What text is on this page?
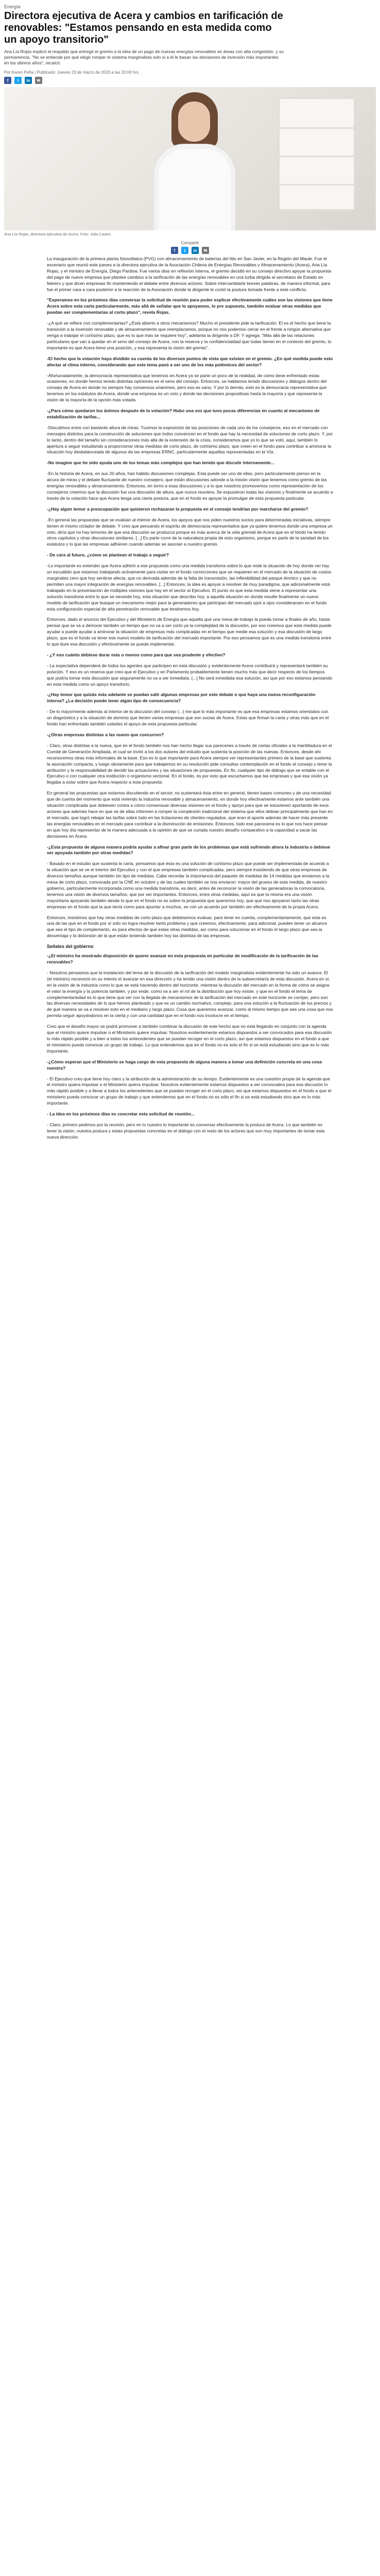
Energía
Directora ejecutiva de Acera y cambios en tarificación de renovables: "Estamos pensando en esta medida como un apoyo transitorio"
Ana Lía Rojas explicó el respaldo que entregó el gremio a la idea de un pago de nuevas energías renovables en áreas con alta congestión, y su permanencia. "No se entiende por qué elegir romper el sistema marginalista solo si a él le basan las decisiones de inversión más importantes en los últimos años", recalcó.
Por Karen Peña | Publicado: Jueves 23 de marzo de 2023 a las 20:00 hrs.
f	t	in	✉
Ana Lía Rojas, directora ejecutiva de Acera. Foto: Julia Castro.
Compartir
f	t	in	✉

La inauguración de la primera planta fotovoltaica (PVG) con almacenamiento de baterías del litio en San Javier, en la Región del Maule. Fue el escenario que reunió este jueves a la directora ejecutiva de la Asociación Chilena de Energías Renovables y Almacenamiento (Acera), Ana Lía Rojas, y el ministro de Energía, Diego Pardow. Fue varios días en reflexión interna, el gremio decidió en su consejo directivo apoyar la propuesta del pago de nuevo empresa que plantee cambios a la tarificación de las energías renovables en una turba dirigida al secretario de Estado en febrero y que dicen empresas fin manteniendo el debate entre diversos actores. Sobre intercambiarle breves palabras, de manera informal, para fue el primer cara a cara posterior a la reacción de la Asociación donde la dirigente le contó la postura tomada frente a este conflicto.

"Esperamos en los próximos días conversar la solicitud de reunión para poder explicar efectivamente cuáles son las visiones que tiene Acera sobre esta carta particularmente, más allá de señalar que lo apoyamos, lo pre supuesto, también evaluar otras medidas que puedan ser complementarias al corto plazo", revela Rojas.

-¿A qué se refiere con complementarias? ¿Está abierto a otros mecanismos? Mucho el presidente pide la tarificación. El es el hecho que tiene la transición a la inversión renovable y de almacenamiento que reemplazamos, porque no nos podemos cerrar en el frente a ningún alternativa que venga a trabajar el cortísimo plazo, que es lo que más se requiere hoy", adelanta la dirigente a DF. Y agrega: "Más allá de las relaciones particulares que van a quedar en el seno del consejo de Acera, con la reserva y la confidencialidad que todas tienen en el contexto del gremio, lo importante es que Acera tiene una posición, y esa representa la visión del gremio".

-El hecho que la votación haya dividido su cuenta de los diversos puntos de vista que existen en el gremio. ¿En qué medida puede esto afectar al clima interno, considerando que este tema pasó a ser uno de los más polémicos del sector?

-Afortunadamente, la democracia representativa que tenemos en Acera ya se parte un poco de la realidad, de cómo tiene enfrentado estas ocasiones, en donde hemos tenido distintas opiniones en el seno del consejo. Entonces, se hablamos tenido discusiones y diálogos dentro del consejo de Acera en donde no siempre hay consensos unánimes, pero eso es sano. Y por lo demás, esto es la democracia representativa que tenemos en los estatutos de Acera, donde una empresa es un voto y donde las decisiones propositivas hasta la mayoría y que representa la visión de la mayoría de la opción más votada.

-¿Para cómo quedaron los ánimos después de la votación? Hubo una voz que tuvo pocas diferencias en cuanto al mecanismo de estabilización de tarifas...

-Discutimos entre con bastante altura de miras. Tuvimos la exposición de las posiciones de cada uno de los consejeros, eso en el mercado con mensajes distintos para la construcción de soluciones que todos convencen en el fondo que hay la necesidad de soluciones de corto plazo. Y, por lo tanto, dentro del tamaño sin consideraciones más allá de la extensión de la crisis, consideramos que yo lo que se votó, aquí, también lo apertura a seguir estudiando a proporcionar otras medidas de corto plazo, de cortísimo plazo, que creen en el fondo para contribuir a aminorar la situación hoy desbalanceada de algunos de las empresas ERNC, particularmente aquellas representadas en la Vía.

-No imagine que he sido ayuda uno de los temas más complejos que han tenido que discutir internamente...

-En la historia de Acera, en sus 20 años, han habido discusiones complejas. Esta puede ser uno de ellas, pero particularmente pienso en la alcura de miras y el debate fluctuante de nuestro consejero, que están discusiones adonde a la misión visión que tenemos como gremio de las energías renovables y almacenamiento. Entonces, en torno a esas discusiones y a lo que nosotros promovemos como representación de los consejeros creemos que la discusión fue una discusión de altura, que nunca reuniera. Se expusieron todas las visiones y finalmente se acuerdo a través de la votación hace que Acera tenga una cierta postura, que en el fondo es apoyar la promulgar de esta propuesta particular.

-¿Hay algún temor a preocupación que quisieron rechazaran la propuesta en el consejo tendrían por marcharse del gremio?

-En general las propuestas que se evalúan al interior de Acera, los apoyos que nos piden nuestros socios para determinadas iniciativas, siempre tienen el mismo ciclador de debate. Y creo que pensando el espíritu de democracia representativa que ya quiere tenemos donde una empresa un voto, diría que no hay temores de que esa discusión se produzca porque es más acerca de la vida gremial de Acera que en el fondo ha tenido otros capítulos y otras discusiones similares. [...] Es parte corre de la naturaleza propia de esto organismo, porque es parte de la sanidad de los estatutos y lo que las empresas adhieren cuando además se asocian a nuestro gremio.

- De cara al futuro, ¿cómo se plantean el trabajo a seguir?

-Lo importante es entender que Acera adhirió a ese propuesta como una medida transitoria sobre lo que mide la situación de hoy donde ver hay un escuálido que estamos trabajando activamente para visitar en el fondo correcciones que se requieren en el mercado de la situación de costos marginales cero que hoy sentirse afecta, que no derivada además de la falta de transmisión, las inflexibilidad del parque térmico y que no permiten una mayor integración de energías renovables. [...] Entonces, la idea es apoyar a resolver de muy paradigma, que adicionalmente está trabajado en la presentación de múltiples visiones que hay en el sector al Ejecutivo. El punto es que esta medida viene a representar una solución transitoria entre lo que se necesite hoy, esta situación que describo hoy, a aquella situación en donde resulte finalmente un nuevo modelo de tarificación que busque un mecanismo mejor para la generadores que participan del mercado spot a ojos considerarsen en el fondo esta configuración especial de alta penetración renovable que tendremos hoy.

Entonces, dado el anuncio del Ejecutivo y del Ministerio de Energía que aquella que una mesa de trabajo la pueda tomar a finales de año, hasta pensar que se va a demorar también un tiempo que no va a ser corto ya la complejidad de la discusión, por eso creemos que esta medida puede ayudar a puede ayudar a aminorar la situación de empresas más complicadas en el tiempo que medie esa solución y esa discusión de largo plazo, que es el fondo va tener ese nuevo modelo de tarificación del mercado importante. Por eso pensamos que es una medida transitoria entre lo que dure esa discusión y efectivamente se pueda implementar.

- ¿Y eso cuánto debiese durar más o menos como para que sea prudente y efectivo?

- La expectativa dependerá de todos los agentes que participen en esta discusión y evidentemente Acera contribuirá y representará también su posición. Y eso es un reserva que creo que el Ejecutivo y en Parlamento probablemente tienen mucho más que decir respecto de los tiempos que podría tomar esta discusión que seguramente no va a ser inmediata. [...] No será inmediata esa solución, así que por eso estamos pensando en esta medida como un apoyo transitorio.

-¿Hay temor que quizás más adelante se puedan salir algunas empresas por este debate o que haya una nueva reconfiguración interna? ¿La decisión puede tener algún tipo de consecuencia?

- De lo mayormente además al interior de la discusión del consejo (...) me que lo más importante es que esa empresas estamos orientados con un diagnóstico y a la situación de dominio que tienen varias empresas que son socias de Acera. Estas que firman la carta y otras más que en el fondo han enfrentado también ustedes el apoyo de esta propuesta particular.

-¿Otras empresas distintas a las nuevo que concurren?

- Claro, otras distintas a la nueva, que en el fondo también nos han hecho llegar sus parecenes a través de cartas oficiales a la mantilladura en el Comité de Generación Ampliada, el cual se invitó a los dos autores del estudio que sustenta la posición de las nuevas. Entonces, desde ahí reconocemos otras más informales de la base. Eso es lo que importante para Acera siempre ver representantes primero de la base que sustenta la asociación compacta, y luego obviamente para que trabajemos en su resolución pide consultas contemplación en el fondo al consejo y tener la atribución y la responsabilidad de decidir las actuaciones y las situaciones de propuestas. En fin, cualquier tipo de diálogo que se entable con el Ejecutivo o con cualquier otra institución o organismo sectorial. En el fondo, es por esto que escuchamos que las empresas y que esa visión ya llegaba a estar sobre que Acera respecto a esta propuesta.

En general las propuestas que estamos discutiendo en el sector, no sustentará ésta entre en general, tienen bases comunes y de una necesidad que de cuenta del momento que está viviendo la industria renovable y almacenamiento, en donde hoy efectivamente estamos ante también una situación complicada que debiesen contra a cómo consensuar diversas visiones en el fondo y apoyo para que se estuviesen aportando de esos actores que además hace en que se de ellas informen a romper la complexión tradicional del sistema que ellos debían principalmente que han en el mercado, que logró rebajar las tarifas sobre todo en las licitaciones de clientes regulados, que eran el aporte además de hacer más presente las energías renovables en el mercado para contribuir a la disminución de emisiones. Entonces, todo ese panorama es lo que nos hace pensar en que hoy día representar de la manera adecuada a la opinión de que se cumpla nuestro desafío comparativo a la capacidad a sacar las decisiones en Acera.

-¿Esta propuesta de alguna manera podría ayudar a afinar gran parte de los problemas que está sufriendo ahora la industria o debiese ser apoyada también por otras medidas?

- Basado en el estudio que sustenta la carta, pensamos que ésta es una solución de cortísimo plazo que puede ser implementada de acuerdo a la situación que se ve el interior del Ejecutivo y con el que empresas también complicadas, pero siempre insistiendo de que otras empresas de diversos tamaños aunque también sin tipo de medidas. Cabe recordar la importancia del paquete de medidas de 14 medidas que enviamos a la mesa de corto plazo, convocada por la CNE en octubre y de las cuales también se nos enviaron: mayor del grueso de esta medida, de nuestro gobierno, particularmente incorporada como una medida transitoria, es decir, antes de reconocer la visión de las generadoras la convocatoria, tenemos una visión de diversos tamaños, que por ser importantes. Entonces, entre otras medidas, aquí es que la misma era una visión mayoritaria apoyando también desde lo que en el fondo no es sobre la propuesta que queremos hoy, que que nos apoyaron tanto las otras empresas en el fondo que la que tenía como para apuntar a muchos, se con un acuerdo por también ser efectivamente de la propia Acera.

Entonces, insistimos que hay otras medidas de corto plazo que debiésemos evaluar, para tener en cuenta, complementariamente, que esta es una de las que en el fondo por sí solo no logra resolver tanto problema y que creemos, efectivamente, para adicional, pueden tener un alcance que sea el tipo de complemento, es para efectos de que estas otras medidas, así como para solucionar en el fondo el largo plazo que sea la desventaja y la distorsión de la que están teniendo también hoy las distintas de las empresas.

Señales del gobierno

-¿El ministro ha mostrado disposición de querer avanzar en esta propuesta en particular de modificación de la tarificación de las renovables?

- Nosotros pensamos que la instalación del tema de la discusión de la tarificación del modelo marginalista evidentemente ha sido un avance. El (el ministro) reconoció en su interés el avanzar en esa dirección y ha tenido una visión dentro de la subsecretaría de esta discusión. Acera en sí, en la visión de la industria como lo que se está haciendo dentro del horizonte, mientras la discusión del mercado en la forma de cómo se asigna el valor la energía y la potencia también, y por ende, como va a ser el rol de la distribución que hoy existe, y que en el fondo el tema de complementariedad es lo que tiene que ver con la llegada de mecanismos de la tarificación del mercado en este horizonte se corrijan, pero son las diversas necesidades de lo que hemos planteado y que es un cambio normativo, complejo, para una solución a la fluctuación de los precios y de qué manera se va a resolver esto en el mediano y largo plazo. Cosa que queremos avanzar, como al mismo tiempo que sea una cosa que nos permita seguir apoyándonos en la cierta y con una cantidad que en el fondo nos involucre en el tiempo.

Creo que el desafío mayor se podrá promover a también combinar la discusión de este hecho que no está llegando en conjunto con la agenda que el ministro quiere impulsar o el Ministerio quiere impulsar. Nosotros evidentemente estamos dispuestos a ser convocados para esa discusión lo más rápido posible y a bien a todos los antecedentes que se puedan recoger en el corto plazo, así que estamos dispuestos en el fondo a que el ministerio pueda convocar un grupo de trabajo. Lo que entendemos que en el fondo no es solo el fin si se está estudiando sino que es lo más importante.

-¿Cómo esperan que el Ministerio se haga cargo de esta propuesta de alguna manera a tomar una definición concreta en una cosa nuestra?

- El Ejecutivo creo que tiene hoy claro y la atribución de la administración de su tiempo. Evidentemente es una cuestión propia de la agenda que el ministro quiera impulsar o el Ministerio quiera impulsar. Nosotros evidentemente estamos dispuestos a ser convocados para esa discusión lo más rápido posible y a llevar a todos los antecedentes que se puedan recoger en el corto plazo, así que estamos dispuestos en el fondo a que el ministerio pueda convocar un grupo de trabajo y que entendemos que en el fondo no es sólo el fin si se está estudiando sino que es lo más importante.

- La idea en los próximos días es concretar esta solicitud de reunión...

- Claro, primero pedimos por la reunión, pero en lo nuestro lo importante es conversar efectivamente la postura de Acera. Lo que también es tener la visión, nuestra postura y estas propuestas concretas en el diálogo con el resto de los actores que son muy importantes de tomar esta nueva dirección.
